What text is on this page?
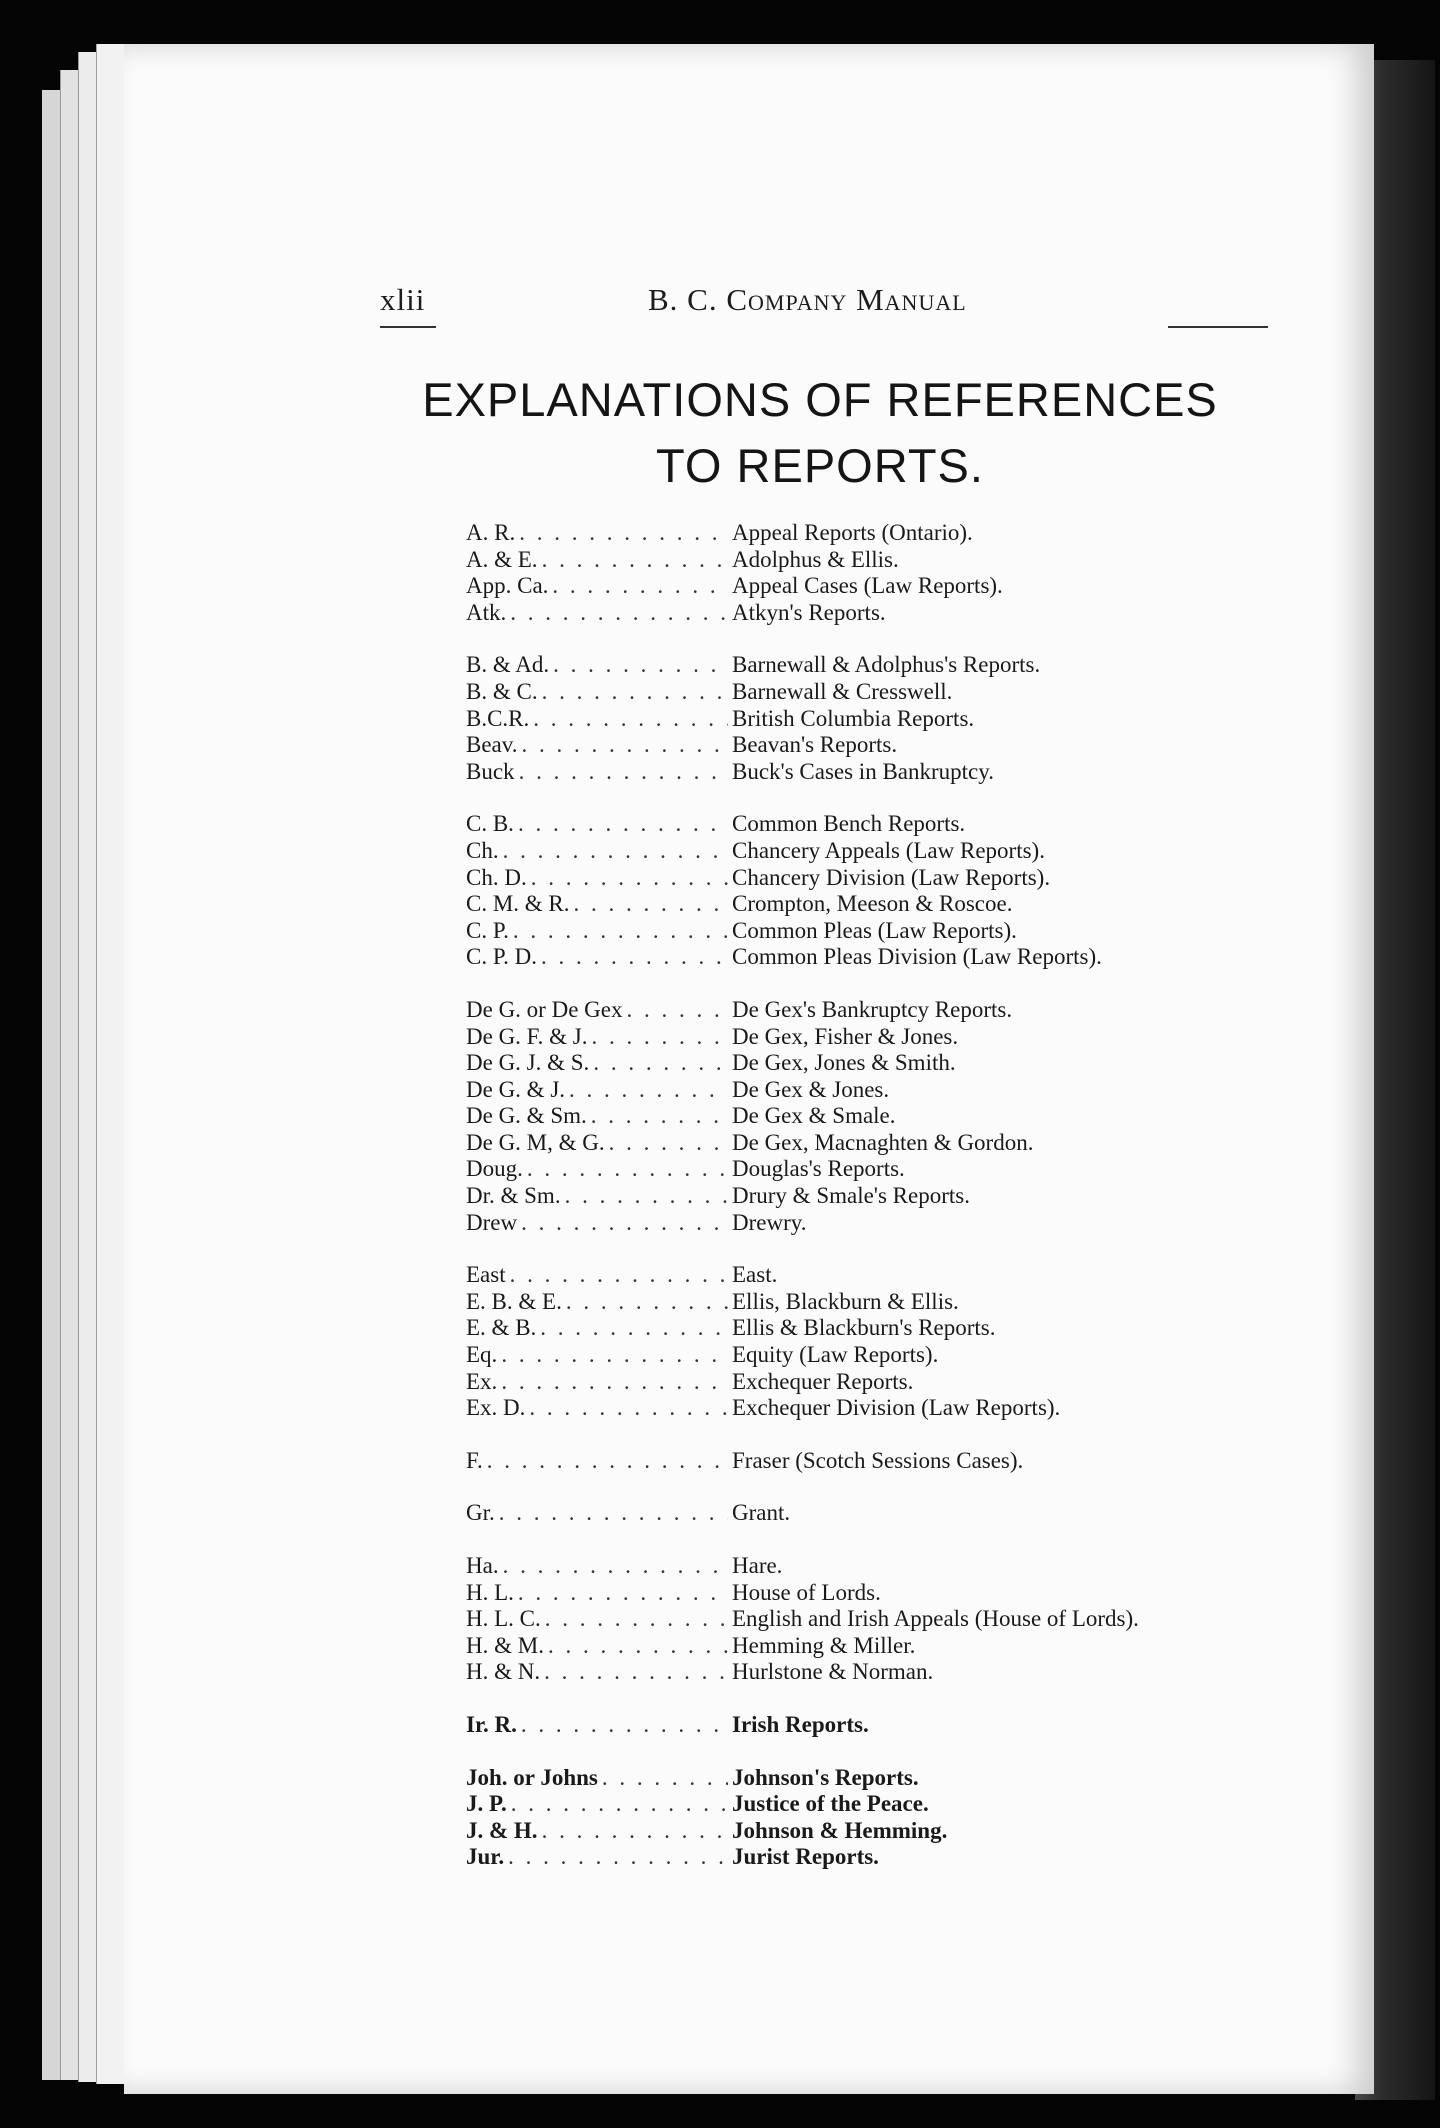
xlii	B. C. Company Manual
EXPLANATIONS OF REFERENCES
TO REPORTS.
A. R. . . .	Appeal Reports (Ontario).
A. & E. . . .	Adolphus & Ellis.
App. Ca. . . .	Appeal Cases (Law Reports).
Atk. . . .	Atkyn's Reports.
B. & Ad. . . .	Barnewall & Adolphus's Reports.
B. & C. . . .	Barnewall & Cresswell.
B.C.R. . . .	British Columbia Reports.
Beav. . . .	Beavan's Reports.
Buck . . .	Buck's Cases in Bankruptcy.
C. B. . . .	Common Bench Reports.
Ch. . . .	Chancery Appeals (Law Reports).
Ch. D. . . .	Chancery Division (Law Reports).
C. M. & R. . . .	Crompton, Meeson & Roscoe.
C. P. . . .	Common Pleas (Law Reports).
C. P. D. . . .	Common Pleas Division (Law Reports).
De G. or De Gex . . .	De Gex's Bankruptcy Reports.
De G. F. & J. . . .	De Gex, Fisher & Jones.
De G. J. & S. . . .	De Gex, Jones & Smith.
De G. & J. . . .	De Gex & Jones.
De G. & Sm. . . .	De Gex & Smale.
De G. M, & G. . . .	De Gex, Macnaghten & Gordon.
Doug. . . .	Douglas's Reports.
Dr. & Sm. . . .	Drury & Smale's Reports.
Drew . . .	Drewry.
East . . .	East.
E. B. & E. . . .	Ellis, Blackburn & Ellis.
E. & B. . . .	Ellis & Blackburn's Reports.
Eq. . . .	Equity (Law Reports).
Ex. . . .	Exchequer Reports.
Ex. D. . . .	Exchequer Division (Law Reports).
F. . . .	Fraser (Scotch Sessions Cases).
Gr. . . .	Grant.
Ha. . . .	Hare.
H. L. . . .	House of Lords.
H. L. C. . . .	English and Irish Appeals (House of Lords).
H. & M. . . .	Hemming & Miller.
H. & N. . . .	Hurlstone & Norman.
Ir. R. . . .	Irish Reports.
Joh. or Johns . . .	Johnson's Reports.
J. P. . . .	Justice of the Peace.
J. & H. . . .	Johnson & Hemming.
Jur. . . .	Jurist Reports.
